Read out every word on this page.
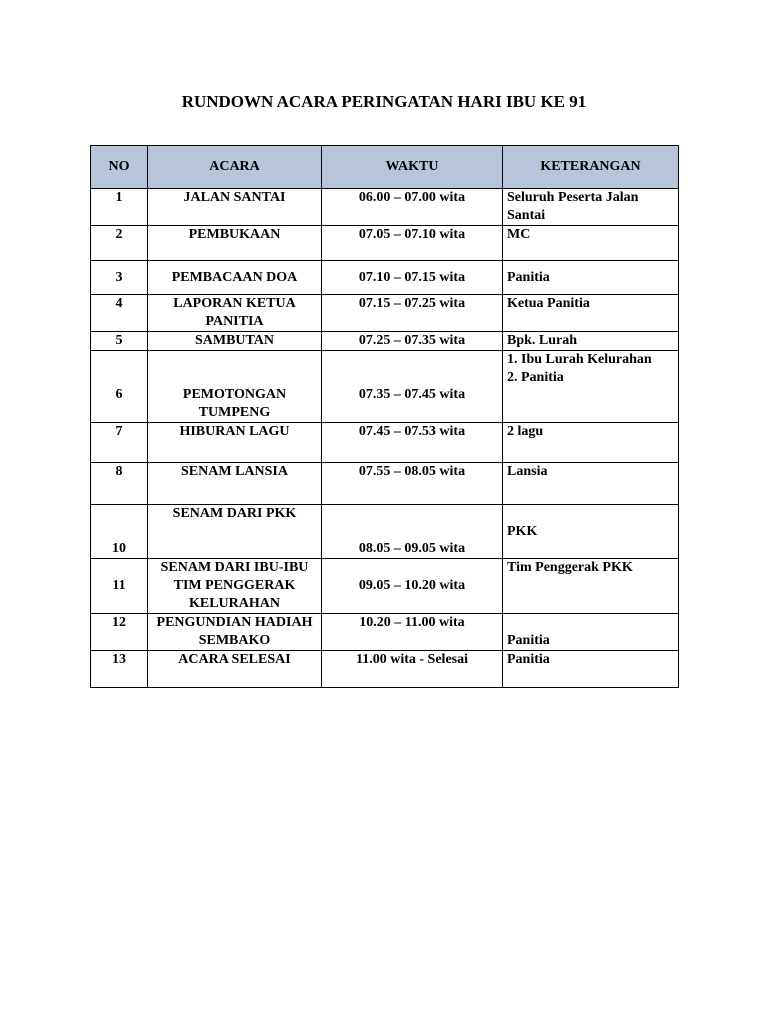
RUNDOWN ACARA PERINGATAN HARI IBU KE 91
NO	ACARA	WAKTU	KETERANGAN
1	JALAN SANTAI	06.00 – 07.00 wita	Seluruh Peserta Jalan Santai
2	PEMBUKAAN	07.05 – 07.10 wita	MC
3	PEMBACAAN DOA	07.10 – 07.15 wita	Panitia
4	LAPORAN KETUA PANITIA	07.15 – 07.25 wita	Ketua Panitia
5	SAMBUTAN	07.25 – 07.35 wita	Bpk. Lurah
6	PEMOTONGAN TUMPENG	07.35 – 07.45 wita	1. Ibu Lurah Kelurahan
2. Panitia
7	HIBURAN LAGU	07.45 – 07.53 wita	2 lagu
8	SENAM LANSIA	07.55 – 08.05 wita	Lansia
10	SENAM DARI PKK	08.05 – 09.05 wita	PKK
11	SENAM DARI IBU-IBU TIM PENGGERAK KELURAHAN	09.05 – 10.20 wita	Tim Penggerak PKK
12	PENGUNDIAN HADIAH SEMBAKO	10.20 – 11.00 wita	Panitia
13	ACARA SELESAI	11.00 wita - Selesai	Panitia
